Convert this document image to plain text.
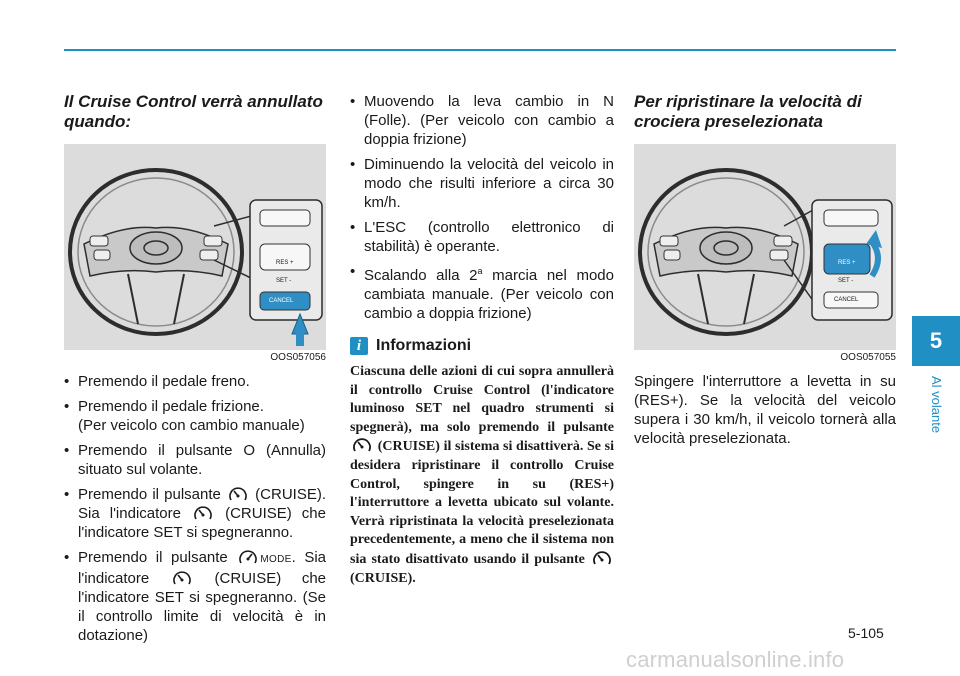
Il Cruise Control verrà annullato quando:
RES +
SET -
CANCEL
OOS057056
• Premendo il pedale freno.
• Premendo il pedale frizione.
(Per veicolo con cambio manuale)
• Premendo il pulsante O (Annulla) situato sul volante.
• Premendo il pulsante (CRUISE). Sia l'indicatore	(CRUISE) che l'indicatore SET si spegneranno.
• Premendo il pulsante	MODE. Sia l'indicatore	(CRUISE) che l'indicatore SET si spegneranno. (Se il controllo limite di velocità è in dotazione)
• Muovendo la leva cambio in N (Folle). (Per veicolo con cambio a doppia frizione)
• Diminuendo la velocità del veicolo in modo che risulti inferiore a circa 30 km/h.
• L'ESC (controllo elettronico di stabilità) è operante.
• Scalando alla 2$^a$ marcia nel modo cambiata manuale. (Per veicolo con cambio a doppia frizione)
i Informazioni
Ciascuna delle azioni di cui sopra annullerà il controllo Cruise Control (l'indicatore luminoso SET nel quadro strumenti si spegnerà), ma solo premendo il pulsante  (CRUISE) il sistema si disattiverà. Se si desidera ripristinare il controllo Cruise Control, spingere in su (RES+) l'interruttore a levetta ubicato sul volante. Verrà ripristinata la velocità preselezionata precedentemente, a meno che il sistema non sia stato disattivato usando il pulsante  (CRUISE).
Per ripristinare la velocità di crociera preselezionata
RES +
SET -
CANCEL
OOS057055

Spingere l'interruttore a levetta in su (RES+). Se la velocità del veicolo supera i 30 km/h, il veicolo tornerà alla velocità preselezionata.

5
Al volante
5-105
carmanualsonline.info
